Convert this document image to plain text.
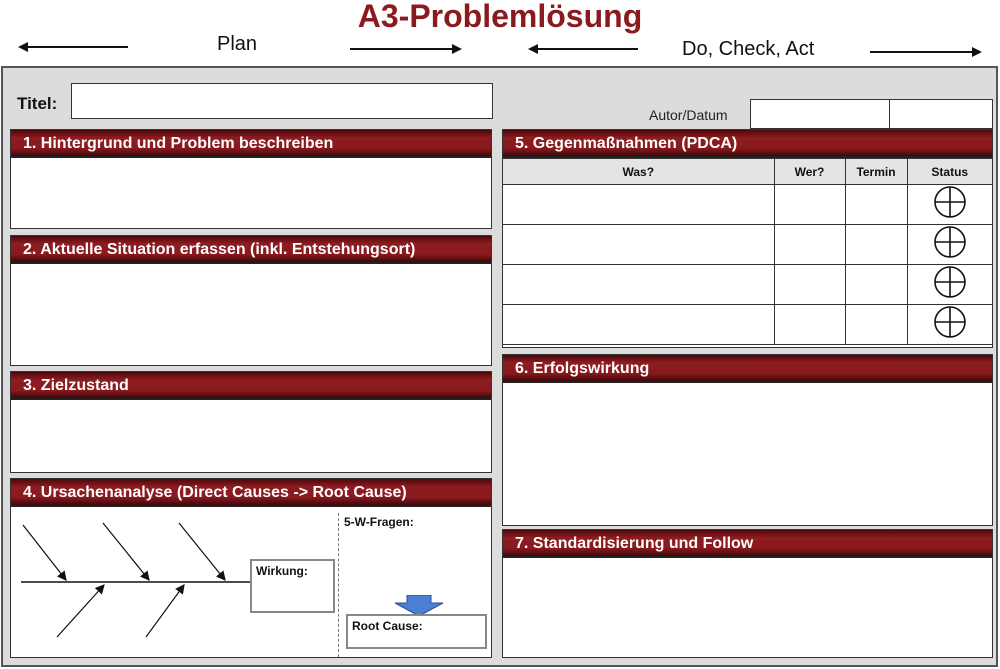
A3-Problemlösung
Plan	Do, Check, Act
Titel:
Autor/Datum
1. Hintergrund und Problem beschreiben
2. Aktuelle Situation erfassen (inkl. Entstehungsort)
3. Zielzustand
4. Ursachenanalyse (Direct Causes -> Root Cause)
Wirkung:
5-W-Fragen:
Root Cause:
5. Gegenmaßnahmen (PDCA)
Was?	Wer?	Termin	Status

6. Erfolgswirkung
7. Standardisierung und Follow
